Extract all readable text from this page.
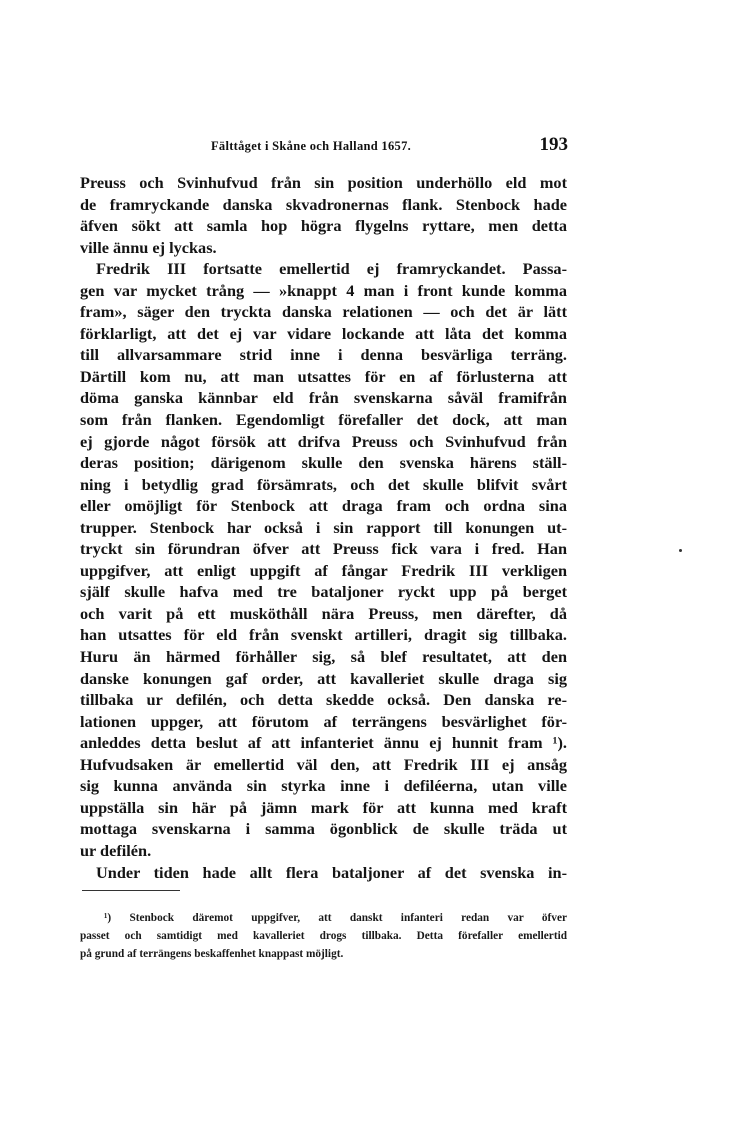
Fälttåget i Skåne och Halland 1657.	193
Preuss och Svinhufvud från sin position underhöllo eld mot
de framryckande danska skvadronernas flank. Stenbock hade
äfven sökt att samla hop högra flygelns ryttare, men detta
ville ännu ej lyckas.
Fredrik III fortsatte emellertid ej framryckandet. Passa-
gen var mycket trång — »knappt 4 man i front kunde komma
fram», säger den tryckta danska relationen — och det är lätt
förklarligt, att det ej var vidare lockande att låta det komma
till allvarsammare strid inne i denna besvärliga terräng.
Därtill kom nu, att man utsattes för en af förlusterna att
döma ganska kännbar eld från svenskarna såväl framifrån
som från flanken. Egendomligt förefaller det dock, att man
ej gjorde något försök att drifva Preuss och Svinhufvud från
deras position; därigenom skulle den svenska härens ställ-
ning i betydlig grad försämrats, och det skulle blifvit svårt
eller omöjligt för Stenbock att draga fram och ordna sina
trupper. Stenbock har också i sin rapport till konungen ut-
tryckt sin förundran öfver att Preuss fick vara i fred. Han
uppgifver, att enligt uppgift af fångar Fredrik III verkligen
själf skulle hafva med tre bataljoner ryckt upp på berget
och varit på ett musköthåll nära Preuss, men därefter, då
han utsattes för eld från svenskt artilleri, dragit sig tillbaka.
Huru än härmed förhåller sig, så blef resultatet, att den
danske konungen gaf order, att kavalleriet skulle draga sig
tillbaka ur defilén, och detta skedde också. Den danska re-
lationen uppger, att förutom af terrängens besvärlighet för-
anleddes detta beslut af att infanteriet ännu ej hunnit fram ¹).
Hufvudsaken är emellertid väl den, att Fredrik III ej ansåg
sig kunna använda sin styrka inne i defiléerna, utan ville
uppställa sin här på jämn mark för att kunna med kraft
mottaga svenskarna i samma ögonblick de skulle träda ut
ur defilén.
Under tiden hade allt flera bataljoner af det svenska in-
¹) Stenbock däremot uppgifver, att danskt infanteri redan var öfver
passet och samtidigt med kavalleriet drogs tillbaka. Detta förefaller emellertid
på grund af terrängens beskaffenhet knappast möjligt.
